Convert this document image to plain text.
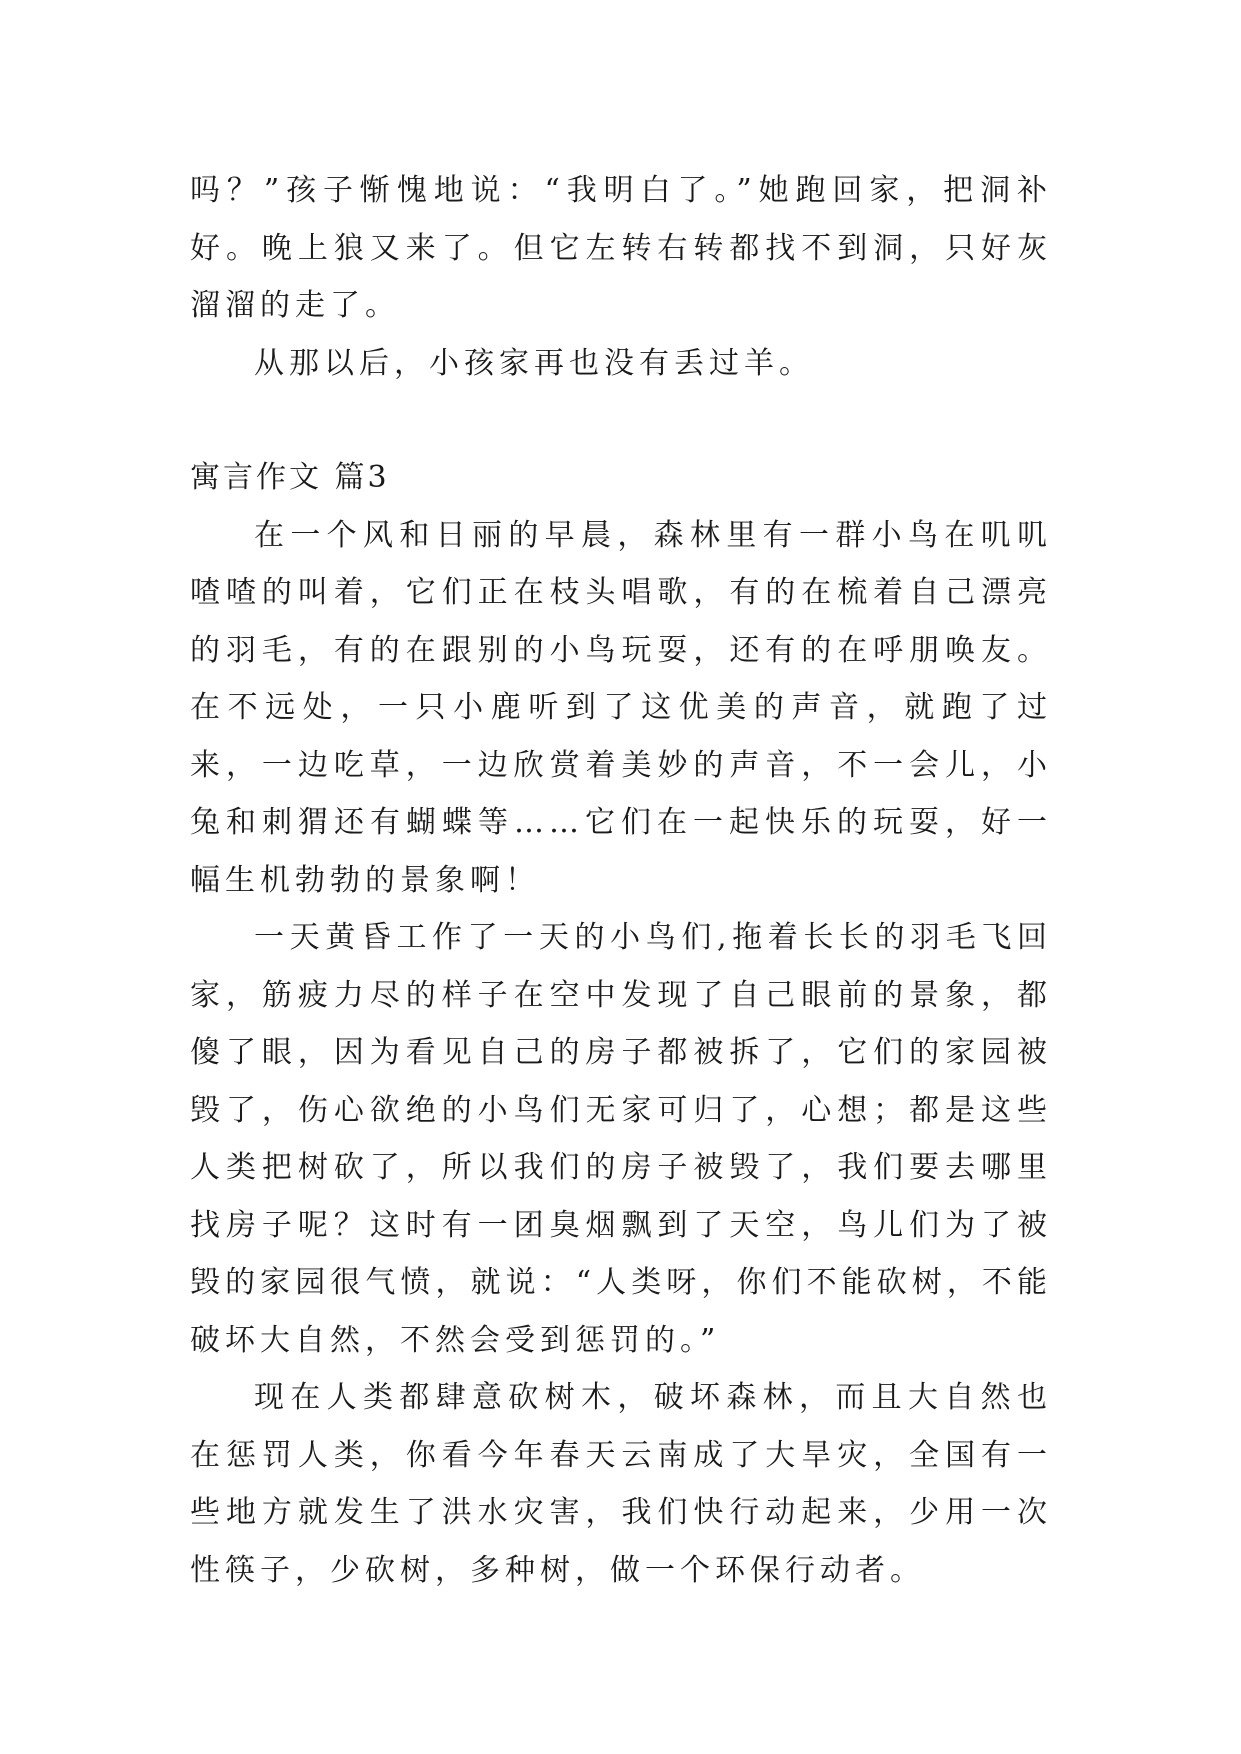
吗？”孩子惭愧地说：“我明白了。”她跑回家，把洞补好。晚上狼又来了。但它左转右转都找不到洞，只好灰溜溜的走了。

从那以后，小孩家再也没有丢过羊。

寓言作文 篇3

在一个风和日丽的早晨，森林里有一群小鸟在叽叽喳喳的叫着，它们正在枝头唱歌，有的在梳着自己漂亮的羽毛，有的在跟别的小鸟玩耍，还有的在呼朋唤友。在不远处，一只小鹿听到了这优美的声音，就跑了过来，一边吃草，一边欣赏着美妙的声音，不一会儿，小兔和刺猬还有蝴蝶等……它们在一起快乐的玩耍，好一幅生机勃勃的景象啊！

一天黄昏工作了一天的小鸟们,拖着长长的羽毛飞回家，筋疲力尽的样子在空中发现了自己眼前的景象，都傻了眼，因为看见自己的房子都被拆了，它们的家园被毁了，伤心欲绝的小鸟们无家可归了，心想；都是这些人类把树砍了，所以我们的房子被毁了，我们要去哪里找房子呢？这时有一团臭烟飘到了天空，鸟儿们为了被毁的家园很气愤，就说：“人类呀，你们不能砍树，不能破坏大自然，不然会受到惩罚的。”

现在人类都肆意砍树木，破坏森林，而且大自然也在惩罚人类，你看今年春天云南成了大旱灾，全国有一些地方就发生了洪水灾害，我们快行动起来，少用一次性筷子，少砍树，多种树，做一个环保行动者。
